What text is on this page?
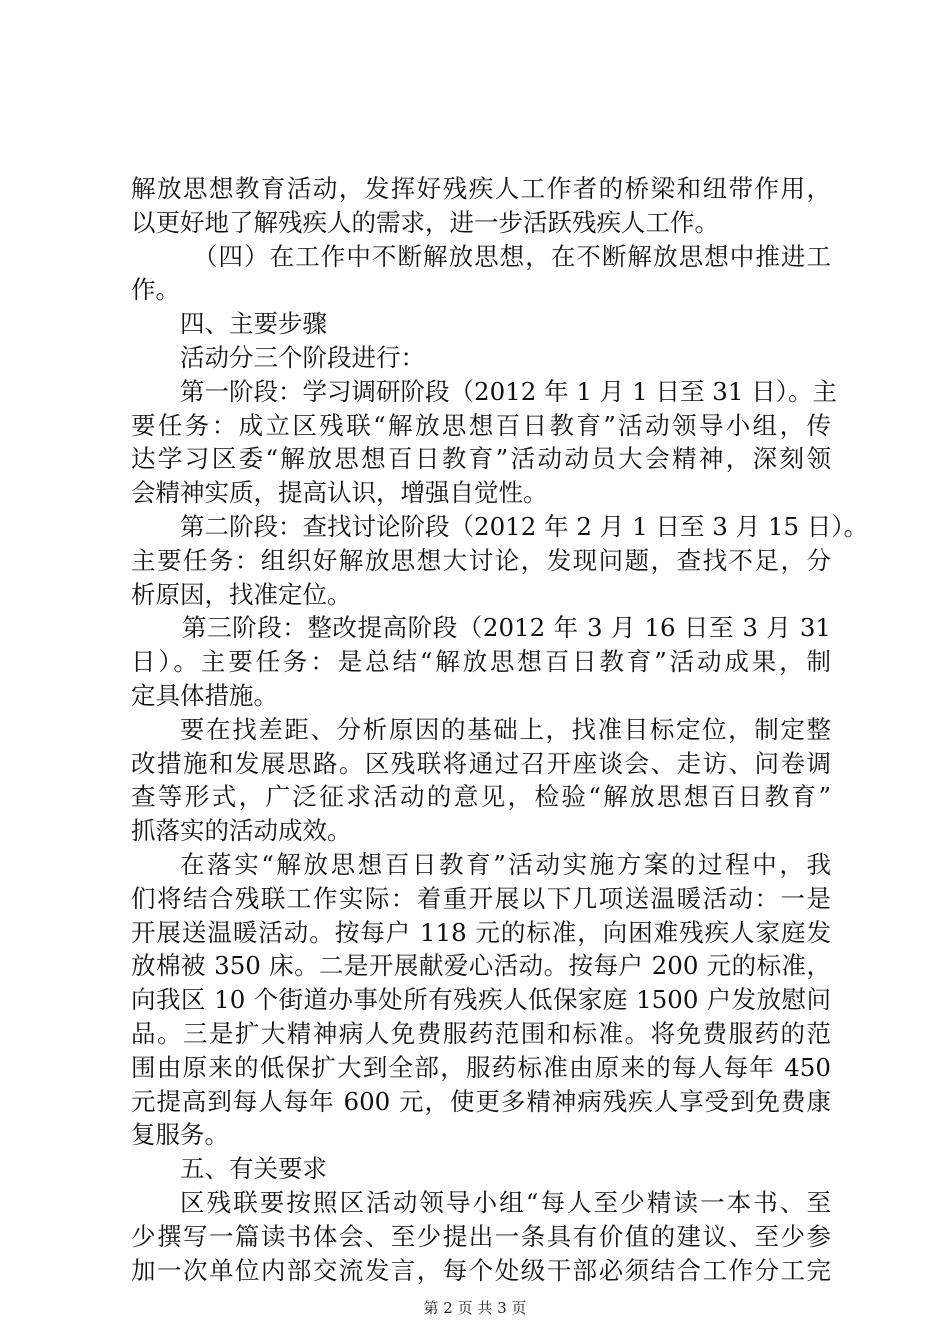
解放思想教育活动，发挥好残疾人工作者的桥梁和纽带作用，
以更好地了解残疾人的需求，进一步活跃残疾人工作。
（四）在工作中不断解放思想，在不断解放思想中推进工
作。
四、主要步骤
活动分三个阶段进行：
第一阶段：学习调研阶段（2012 年 1 月 1 日至 31 日）。主
要任务：成立区残联“解放思想百日教育”活动领导小组，传
达学习区委“解放思想百日教育”活动动员大会精神，深刻领
会精神实质，提高认识，增强自觉性。
第二阶段：查找讨论阶段（2012 年 2 月 1 日至 3 月 15 日）。
主要任务：组织好解放思想大讨论，发现问题，查找不足，分
析原因，找准定位。
第三阶段：整改提高阶段（2012 年 3 月 16 日至 3 月 31
日）。主要任务：是总结“解放思想百日教育”活动成果，制
定具体措施。
要在找差距、分析原因的基础上，找准目标定位，制定整
改措施和发展思路。区残联将通过召开座谈会、走访、问卷调
查等形式，广泛征求活动的意见，检验“解放思想百日教育”
抓落实的活动成效。
在落实“解放思想百日教育”活动实施方案的过程中，我
们将结合残联工作实际：着重开展以下几项送温暖活动：一是
开展送温暖活动。按每户 118 元的标准，向困难残疾人家庭发
放棉被 350 床。二是开展献爱心活动。按每户 200 元的标准，
向我区 10 个街道办事处所有残疾人低保家庭 1500 户发放慰问
品。三是扩大精神病人免费服药范围和标准。将免费服药的范
围由原来的低保扩大到全部，服药标准由原来的每人每年 450
元提高到每人每年 600 元，使更多精神病残疾人享受到免费康
复服务。
五、有关要求
区残联要按照区活动领导小组“每人至少精读一本书、至
少撰写一篇读书体会、至少提出一条具有价值的建议、至少参
加一次单位内部交流发言，每个处级干部必须结合工作分工完
第 2 页 共 3 页
